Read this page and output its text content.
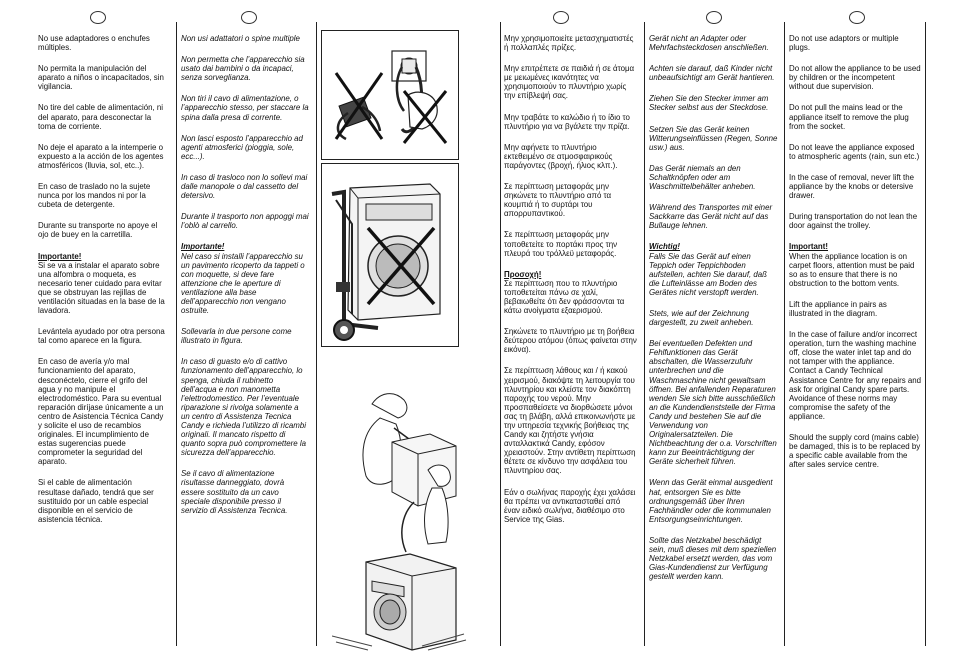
No use adaptadores o enchufes múltiples.

No permita la manipulación del aparato a niños o incapacitados, sin vigilancia.

No tire del cable de alimentación, ni del aparato, para desconectar la toma de corriente.

No deje el aparato a la intemperie o expuesto a la acción de los agentes atmosféricos (lluvia, sol, etc..).

En caso de traslado no la sujete nunca por los mandos ni por la cubeta de detergente.

Durante su transporte no apoye el ojo de buey en la carretilla.

Importante!

Si se va a instalar el aparato sobre una alfombra o moqueta, es necesario tener cuidado para evitar que se obstruyan las rejillas de ventilación situadas en la base de la lavadora.

Levántela ayudado por otra persona tal como aparece en la figura.

En caso de avería y/o mal funcionamiento del aparato, desconéctelo, cierre el grifo del agua y no manipule el electrodoméstico. Para su eventual reparación diríjase únicamente a un centro de Asistencia Técnica Candy y solicite el uso de recambios originales. El incumplimiento de estas sugerencias puede comprometer la seguridad del aparato.

Si el cable de alimentación resultase dañado, tendrá que ser sustituido por un cable especial disponible en el servicio de asistencia técnica.

Non usi adattatori o spine multiple

Non permetta che l’apparecchio sia usato dai bambini o da incapaci, senza sorveglianza.

Non tiri il cavo di alimentazione, o l’apparecchio stesso, per staccare la spina dalla presa di corrente.

Non lasci esposto l’apparecchio ad agenti atmosferici (pioggia, sole, ecc...).

In caso di trasloco non lo sollevi mai dalle manopole o dal cassetto del detersivo.

Durante il trasporto non appoggi mai l’oblò al carrello.

Importante!

Nel caso si installi l’apparecchio su un pavimento ricoperto da tappeti o con moquette, si deve fare attenzione che le aperture di ventilazione alla base dell’apparecchio non vengano ostruite.

Sollevarla in due persone come illustrato in figura.

In caso di guasto e/o di cattivo funzionamento dell’apparecchio, lo spenga, chiuda il rubinetto dell’acqua e non manometta l’elettrodomestico. Per l’eventuale riparazione si rivolga solamente a un centro di Assistenza Tecnica Candy e richieda l’utilizzo di ricambi originali. Il mancato rispetto di quanto sopra può compromettere la sicurezza dell’apparecchio.

Se il cavo di alimentazione risultasse danneggiato, dovrà essere sostituito da un cavo speciale disponibile presso il servizio di Assistenza Tecnica.

Μην χρησιμοποιείτε μετασχηματιστές ή πολλαπλές πρίζες.

Μην επιτρέπετε σε παιδιά ή σε άτομα με μειωμένες ικανότητες να χρησιμοποιούν το πλυντήριο χωρίς την επίβλεψή σας.

Μην τραβάτε το καλώδιο ή το ίδιο το πλυντήριο για να βγάλετε την πρίζα.

Μην αφήνετε το πλυντήριο εκτεθειμένο σε ατμοσφαιρικούς παράγοντες (βροχή, ήλιος κλπ.).

Σε περίπτωση μεταφοράς μην σηκώνετε το πλυντήριο από τα κουμπιά ή το συρτάρι του απορρυπαντικού.

Σε περίπτωση μεταφοράς μην τοποθετείτε το πορτάκι προς την πλευρά του τρόλλεϋ μεταφοράς.

Προσοχή!

Σε περίπτωση που το πλυντήριο τοποθετείται πάνω σε χαλί, βεβαιωθείτε ότι δεν φράσσονται τα κάτω ανοίγματα εξαερισμού.

Σηκώνετε το πλυντήριο με τη βοήθεια δεύτερου ατόμου (όπως φαίνεται στην εικόνα).

Σε περίπτωση λάθους και / ή κακού χειρισμού, διακόψτε τη λειτουργία του πλυντηρίου και κλείστε τον διακόπτη παροχής του νερού. Μην προσπαθείσετε να διορθώσετε μόνοι σας τη βλάβη, αλλά επικοινωνήστε με την υπηρεσία τεχνικής βοήθειας της Candy και ζητήστε γνήσια ανταλλακτικά Candy, εφόσον χρειαστούν. Στην αντίθετη περίπτωση θέτετε σε κίνδυνο την ασφάλεια του πλυντηρίου σας.

Εάν ο σωλήνας παροχής έχει χαλάσει θα πρέπει να αντικατασταθεί από έναν ειδικό σωλήνα, διαθέσιμο στο Service της Gias.

Gerät nicht an Adapter oder Mehrfachsteckdosen anschließen.

Achten sie darauf, daß Kinder nicht unbeaufsichtigt am Gerät hantieren.

Ziehen Sie den Stecker immer am Stecker selbst aus der Steckdose.

Setzen Sie das Gerät keinen Witterungseinflüssen (Regen, Sonne usw.) aus.

Das Gerät niemals an den Schaltknöpfen oder am Waschmittelbehälter anheben.

Während des Transportes mit einer Sackkarre das Gerät nicht auf das Bullauge lehnen.

Wichtig!

Falls Sie das Gerät auf einen Teppich oder Teppichboden aufstellen, achten Sie darauf, daß die Lufteinlässe am Boden des Gerätes nicht verstopft werden.

Stets, wie auf der Zeichnung dargestellt, zu zweit anheben.

Bei eventuellen Defekten und Fehlfunktionen das Gerät abschalten, die Wasserzufuhr unterbrechen und die Waschmaschine nicht gewaltsam öffnen. Bei anfallenden Reparaturen wenden Sie sich bitte ausschließlich an die Kundendienststelle der Firma Candy und bestehen Sie auf die Verwendung von Originalersatzteilen. Die Nichtbeachtung der o.a. Vorschriften kann zur Beeinträchtigung der Geräte sicherheit führen.

Wenn das Gerät einmal ausgedient hat, entsorgen Sie es bitte ordnungsgemäß über Ihren Fachhändler oder die kommunalen Entsorgungseinrichtungen.

Sollte das Netzkabel beschädigt sein, muß dieses mit dem speziellen Netzkabel ersetzt werden, das vom Gias-Kundendienst zur Verfügung gestellt werden kann.

Do not use adaptors or multiple plugs.

Do not allow the appliance to be used by children or the incompetent without due supervision.

Do not pull the mains lead or the appliance itself to remove the plug from the socket.

Do not leave the appliance exposed to atmospheric agents (rain, sun etc.)

In the case of removal, never lift the appliance by the knobs or detersive drawer.

During transportation do not lean the door against the trolley.

Important!

When the appliance location is on carpet floors, attention must be paid so as to ensure that there is no obstruction to the bottom vents.

Lift the appliance in pairs as illustrated in the diagram.

In the case of failure and/or incorrect operation, turn the washing machine off, close the water inlet tap and do not tamper with the appliance. Contact a Candy Technical Assistance Centre for any repairs and ask for original Candy spare parts. Avoidance of these norms may compromise the safety of the appliance.

Should the supply cord (mains cable) be damaged, this is to be replaced by a specific cable available from the after sales service centre.
